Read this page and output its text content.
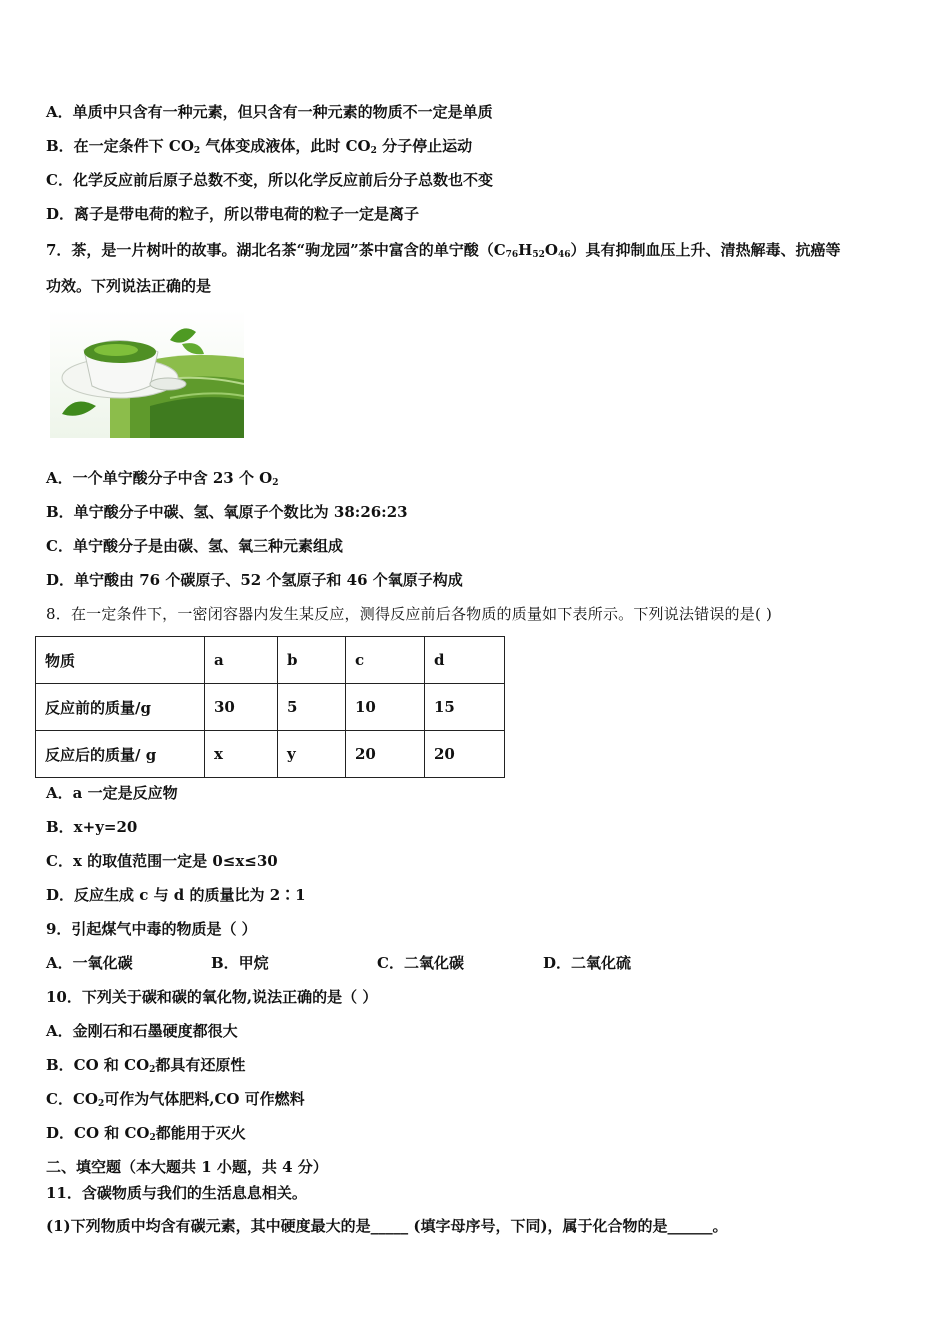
A．单质中只含有一种元素，但只含有一种元素的物质不一定是单质
B．在一定条件下 $CO_2$ 气体变成液体，此时 $CO_2$ 分子停止运动
C．化学反应前后原子总数不变，所以化学反应前后分子总数也不变
D．离子是带电荷的粒子，所以带电荷的粒子一定是离子
7．茶，是一片树叶的故事。湖北名茶“驹龙园”茶中富含的单宁酸$(C_{76}H_{52}O_{46})$具有抑制血压上升、清热解毒、抗癌等
功效。下列说法正确的是
A．一个单宁酸分子中含 23 个 $O_2$
B．单宁酸分子中碳、氢、氧原子个数比为 38:26:23
C．单宁酸分子是由碳、氢、氧三种元素组成
D．单宁酸由 76 个碳原子、52 个氢原子和 46 个氧原子构成
8．在一定条件下，一密闭容器内发生某反应，测得反应前后各物质的质量如下表所示。下列说法错误的是( )
物质	a	b	c	d
反应前的质量/g	30	5	10	15
反应后的质量/ g	x	y	20	20
A．a 一定是反应物
B．x+y=20
C．x 的取值范围一定是 0≤x≤30
D．反应生成 c 与 d 的质量比为 2∶1
9．引起煤气中毒的物质是（ ）
A．一氧化碳	B．甲烷	C．二氧化碳	D．二氧化硫
10．下列关于碳和碳的氧化物,说法正确的是（ ）
A．金刚石和石墨硬度都很大
B．CO 和 $CO_2$都具有还原性
C．$CO_2$可作为气体肥料,CO 可作燃料
D．CO 和 $CO_2$都能用于灭火
二、填空题（本大题共 1 小题，共 4 分）
11．含碳物质与我们的生活息息相关。
(1)下列物质中均含有碳元素，其中硬度最大的是_____ (填字母序号，下同)，属于化合物的是______。
